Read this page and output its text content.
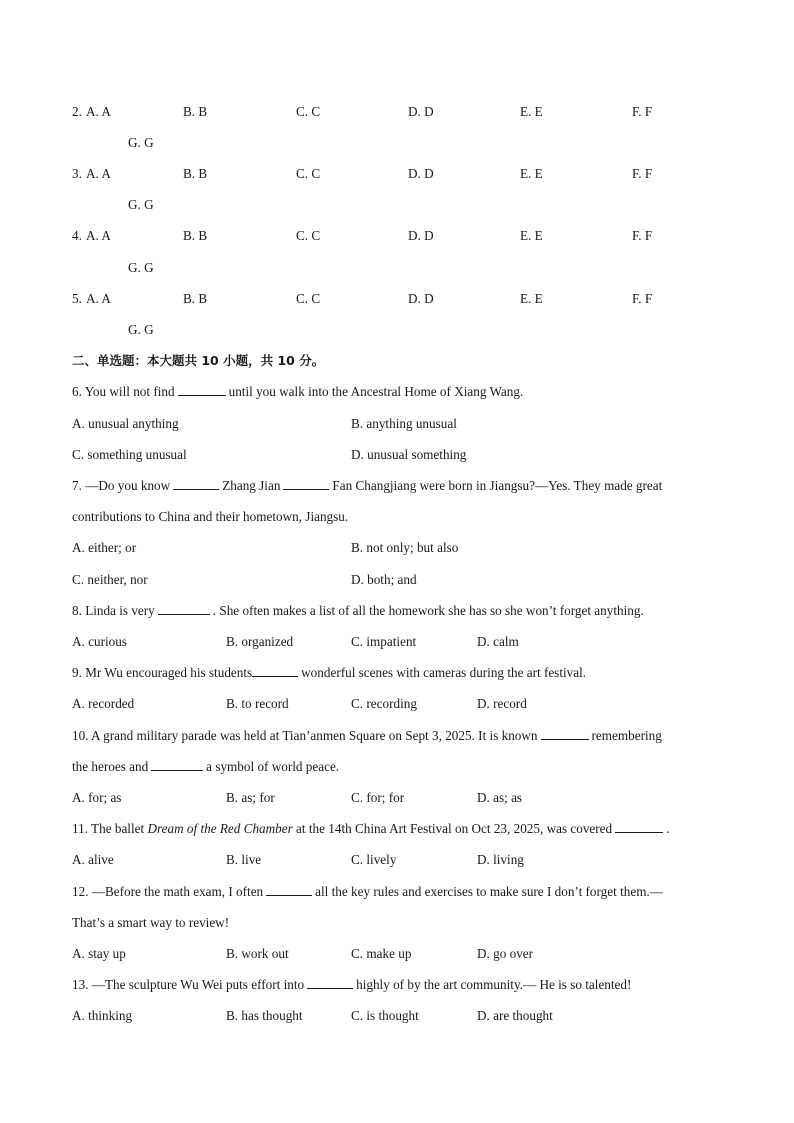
2. A. A	B. B	C. C	D. D	E. E	F. F
G. G
3. A. A	B. B	C. C	D. D	E. E	F. F
G. G
4. A. A	B. B	C. C	D. D	E. E	F. F
G. G
5. A. A	B. B	C. C	D. D	E. E	F. F
G. G
二、单选题：本大题共 10 小题，共 10 分。
6. You will not find	until you walk into the Ancestral Home of Xiang Wang.
A. unusual anything	B. anything unusual
C. something unusual	D. unusual something
7. —Do you know	Zhang Jian	Fan Changjiang were born in Jiangsu?—Yes. They made great
contributions to China and their hometown, Jiangsu.
A. either; or	B. not only; but also
C. neither, nor	D. both; and
8. Linda is very	. She often makes a list of all the homework she has so she won’t forget anything.
A. curious	B. organized	C. impatient	D. calm
9. Mr Wu encouraged his students	wonderful scenes with cameras during the art festival.
A. recorded	B. to record	C. recording	D. record
10. A grand military parade was held at Tian’anmen Square on Sept 3, 2025. It is known	remembering
the heroes and	a symbol of world peace.
A. for; as	B. as; for	C. for; for	D. as; as
11. The ballet Dream of the Red Chamber at the 14th China Art Festival on Oct 23, 2025, was covered	.
A. alive	B. live	C. lively	D. living
12. —Before the math exam, I often	all the key rules and exercises to make sure I don’t forget them.—
That’s a smart way to review!
A. stay up	B. work out	C. make up	D. go over
13. —The sculpture Wu Wei puts effort into	highly of by the art community.— He is so talented!
A. thinking	B. has thought	C. is thought	D. are thought
